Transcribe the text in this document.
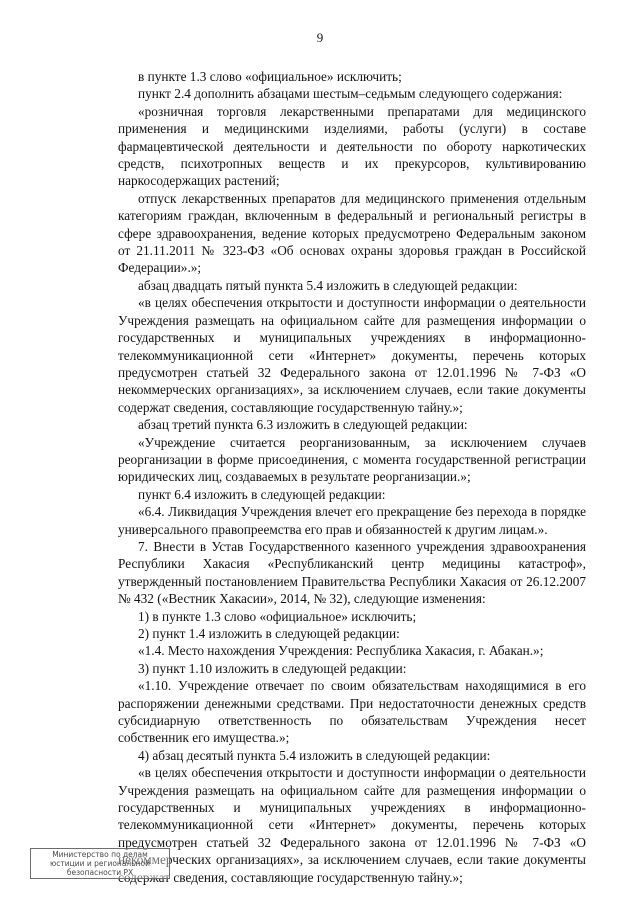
9

в пункте 1.3 слово «официальное» исключить;

пункт 2.4 дополнить абзацами шестым–седьмым следующего содержания:

«розничная торговля лекарственными препаратами для медицинского применения и медицинскими изделиями, работы (услуги) в составе фармацевтической деятельности и деятельности по обороту наркотических средств, психотропных веществ и их прекурсоров, культивированию наркосодержащих растений;

отпуск лекарственных препаратов для медицинского применения отдельным категориям граждан, включенным в федеральный и региональный регистры в сфере здравоохранения, ведение которых предусмотрено Федеральным законом от 21.11.2011 № 323-ФЗ «Об основах охраны здоровья граждан в Российской Федерации».»;

абзац двадцать пятый пункта 5.4 изложить в следующей редакции:

«в целях обеспечения открытости и доступности информации о деятельности Учреждения размещать на официальном сайте для размещения информации о государственных и муниципальных учреждениях в информационно-телекоммуникационной сети «Интернет» документы, перечень которых предусмотрен статьей 32 Федерального закона от 12.01.1996 № 7-ФЗ «О некоммерческих организациях», за исключением случаев, если такие документы содержат сведения, составляющие государственную тайну.»;

абзац третий пункта 6.3 изложить в следующей редакции:

«Учреждение считается реорганизованным, за исключением случаев реорганизации в форме присоединения, с момента государственной регистрации юридических лиц, создаваемых в результате реорганизации.»;

пункт 6.4 изложить в следующей редакции:

«6.4. Ликвидация Учреждения влечет его прекращение без перехода в порядке универсального правопреемства его прав и обязанностей к другим лицам.».

7. Внести в Устав Государственного казенного учреждения здравоохранения Республики Хакасия «Республиканский центр медицины катастроф», утвержденный постановлением Правительства Республики Хакасия от 26.12.2007 № 432 («Вестник Хакасии», 2014, № 32), следующие изменения:

1) в пункте 1.3 слово «официальное» исключить;

2) пункт 1.4 изложить в следующей редакции:

«1.4. Место нахождения Учреждения: Республика Хакасия, г. Абакан.»;

3) пункт 1.10 изложить в следующей редакции:

«1.10. Учреждение отвечает по своим обязательствам находящимися в его распоряжении денежными средствами. При недостаточности денежных средств субсидиарную ответственность по обязательствам Учреждения несет собственник его имущества.»;

4) абзац десятый пункта 5.4 изложить в следующей редакции:

«в целях обеспечения открытости и доступности информации о деятельности Учреждения размещать на официальном сайте для размещения информации о государственных и муниципальных учреждениях в информационно-телекоммуникационной сети «Интернет» документы, перечень которых предусмотрен статьей 32 Федерального закона от 12.01.1996 № 7-ФЗ «О некоммерческих организациях», за исключением случаев, если такие документы содержат сведения, составляющие государственную тайну.»;

Министерство по делам
юстиции и региональной
безопасности РХ
